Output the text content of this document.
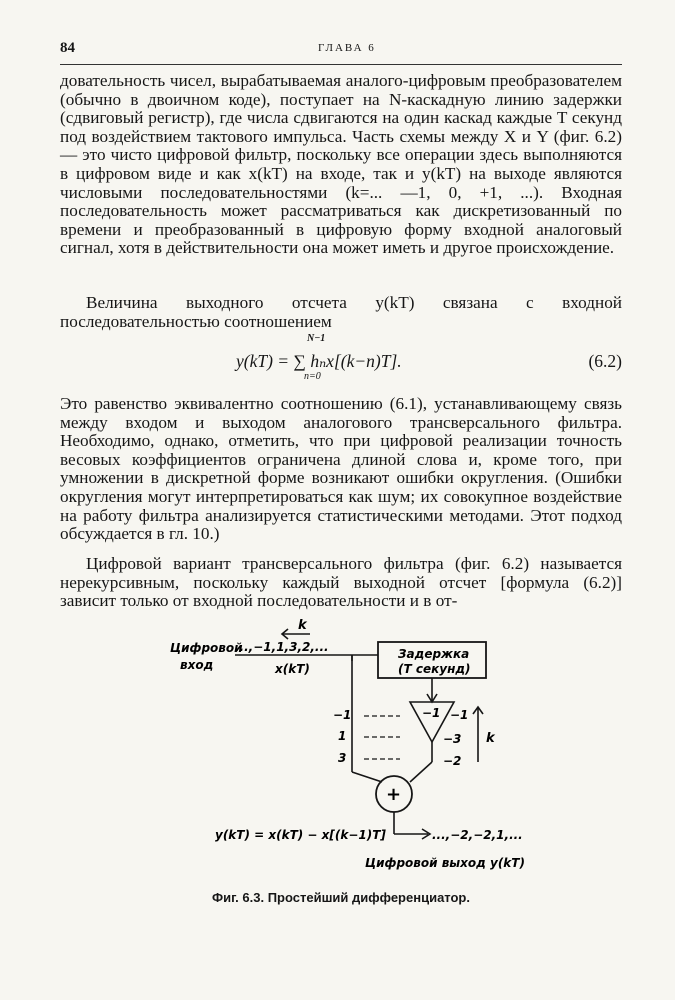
84	ГЛАВА 6

довательность чисел, вырабатываемая аналого-цифровым преобразователем (обычно в двоичном коде), поступает на N-каскадную линию задержки (сдвиговый регистр), где числа сдвигаются на один каскад каждые T секунд под воздействием тактового импульса. Часть схемы между X и Y (фиг. 6.2) — это чисто цифровой фильтр, поскольку все операции здесь выполняются в цифровом виде и как x(kT) на входе, так и y(kT) на выходе являются числовыми последовательностями (k=... —1, 0, +1, ...). Входная последовательность может рассматриваться как дискретизованный по времени и преобразованный в цифровую форму входной аналоговый сигнал, хотя в действительности она может иметь и другое происхождение.

Величина выходного отсчета y(kT) связана с входной последовательностью соотношением

N−1
y(kT) = ∑ hₙx[(k−n)T].
n=0
(6.2)

Это равенство эквивалентно соотношению (6.1), устанавливающему связь между входом и выходом аналогового трансверсального фильтра. Необходимо, однако, отметить, что при цифровой реализации точность весовых коэффициентов ограничена длиной слова и, кроме того, при умножении в дискретной форме возникают ошибки округления. (Ошибки округления могут интерпретироваться как шум; их совокупное воздействие на работу фильтра анализируется статистическими методами. Этот подход обсуждается в гл. 10.)

Цифровой вариант трансверсального фильтра (фиг. 6.2) называется нерекурсивным, поскольку каждый выходной отсчет [формула (6.2)] зависит только от входной последовательности и в от-

Цифровой
вход
...,−1,1,3,2,...
x(kT)
k
Задержка
(T секунд)
−1
1
3
−1 −1
−3
−2
+
k
y(kT) = x(kT) − x[(k−1)T]	...,−2,−2,1,...
Цифровой выход y(kT)
Фиг. 6.3. Простейший дифференциатор.
